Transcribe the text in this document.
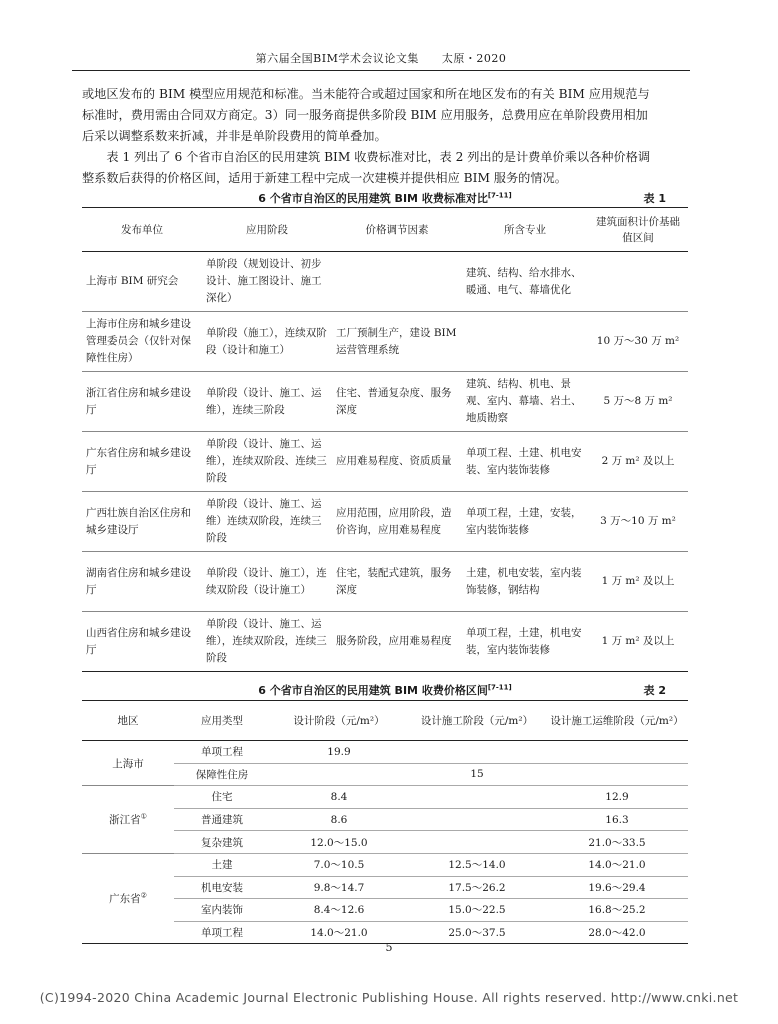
第六届全国BIM学术会议论文集　　太原・2020

或地区发布的 BIM 模型应用规范和标准。当未能符合或超过国家和所在地区发布的有关 BIM 应用规范与

标准时，费用需由合同双方商定。3）同一服务商提供多阶段 BIM 应用服务，总费用应在单阶段费用相加

后采以调整系数来折减，并非是单阶段费用的简单叠加。

表 1 列出了 6 个省市自治区的民用建筑 BIM 收费标准对比，表 2 列出的是计费单价乘以各种价格调

整系数后获得的价格区间，适用于新建工程中完成一次建模并提供相应 BIM 服务的情况。

6 个省市自治区的民用建筑 BIM 收费标准对比[7-11]	表 1
发布单位	应用阶段	价格调节因素	所含专业	建筑面积计价基础值区间
上海市 BIM 研究会	单阶段（规划设计、初步设计、施工图设计、施工深化）		建筑、结构、给水排水、暖通、电气、幕墙优化	
上海市住房和城乡建设管理委员会（仅针对保障性住房）	单阶段（施工），连续双阶段（设计和施工）	工厂预制生产，建设 BIM 运营管理系统		10 万～30 万 m²
浙江省住房和城乡建设厅	单阶段（设计、施工、运维），连续三阶段	住宅、普通复杂度、服务深度	建筑、结构、机电、景观、室内、幕墙、岩土、地质勘察	5 万～8 万 m²
广东省住房和城乡建设厅	单阶段（设计、施工、运维），连续双阶段、连续三阶段	应用难易程度、资质质量	单项工程、土建、机电安装、室内装饰装修	2 万 m² 及以上
广西壮族自治区住房和城乡建设厅	单阶段（设计、施工、运维）连续双阶段，连续三阶段	应用范围，应用阶段，造价咨询，应用难易程度	单项工程，土建，安装，室内装饰装修	3 万～10 万 m²
湖南省住房和城乡建设厅	单阶段（设计、施工），连续双阶段（设计施工）	住宅，装配式建筑，服务深度	土建，机电安装，室内装饰装修，钢结构	1 万 m² 及以上
山西省住房和城乡建设厅	单阶段（设计、施工、运维），连续双阶段，连续三阶段	服务阶段，应用难易程度	单项工程，土建，机电安装，室内装饰装修	1 万 m² 及以上
6 个省市自治区的民用建筑 BIM 收费价格区间[7-11]	表 2
地区	应用类型	设计阶段（元/m²）	设计施工阶段（元/m²）	设计施工运维阶段（元/m²）
上海市	单项工程	19.9		
	保障性住房		15	
浙江省①	住宅	8.4		12.9
	普通建筑	8.6		16.3
	复杂建筑	12.0～15.0		21.0～33.5
广东省②	土建	7.0～10.5	12.5～14.0	14.0～21.0
	机电安装	9.8～14.7	17.5～26.2	19.6～29.4
	室内装饰	8.4～12.6	15.0～22.5	16.8～25.2
	单项工程	14.0～21.0	25.0～37.5	28.0～42.0
5
(C)1994-2020 China Academic Journal Electronic Publishing House. All rights reserved. http://www.cnki.net
